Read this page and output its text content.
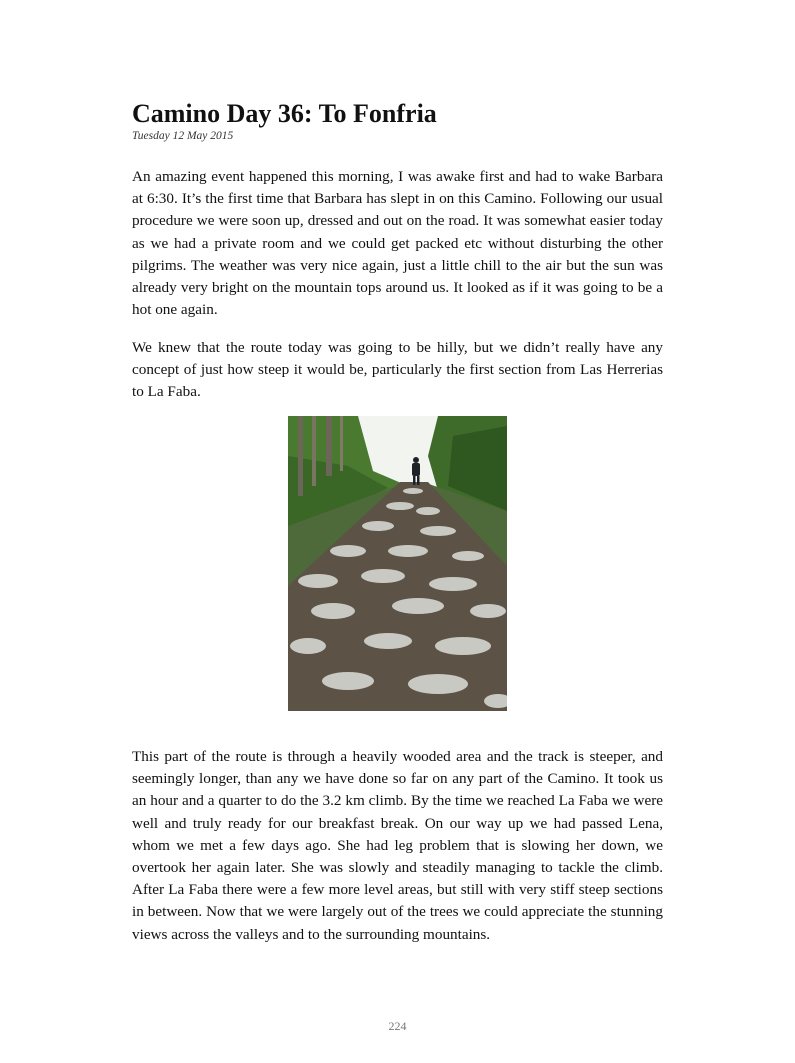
Camino Day 36: To Fonfria
Tuesday 12 May 2015

An amazing event happened this morning, I was awake first and had to wake Barbara at 6:30. It’s the first time that Barbara has slept in on this Camino. Following our usual procedure we were soon up, dressed and out on the road. It was somewhat easier today as we had a private room and we could get packed etc without disturbing the other pilgrims. The weather was very nice again, just a little chill to the air but the sun was already very bright on the mountain tops around us. It looked as if it was going to be a hot one again.

We knew that the route today was going to be hilly, but we didn’t really have any concept of just how steep it would be, particularly the first section from Las Herrerias to La Faba.

This part of the route is through a heavily wooded area and the track is steeper, and seemingly longer, than any we have done so far on any part of the Camino. It took us an hour and a quarter to do the 3.2 km climb. By the time we reached La Faba we were well and truly ready for our breakfast break. On our way up we had passed Lena, whom we met a few days ago. She had leg problem that is slowing her down, we overtook her again later. She was slowly and steadily managing to tackle the climb. After La Faba there were a few more level areas, but still with very stiff steep sections in between. Now that we were largely out of the trees we could appreciate the stunning views across the valleys and to the surrounding mountains.

224
